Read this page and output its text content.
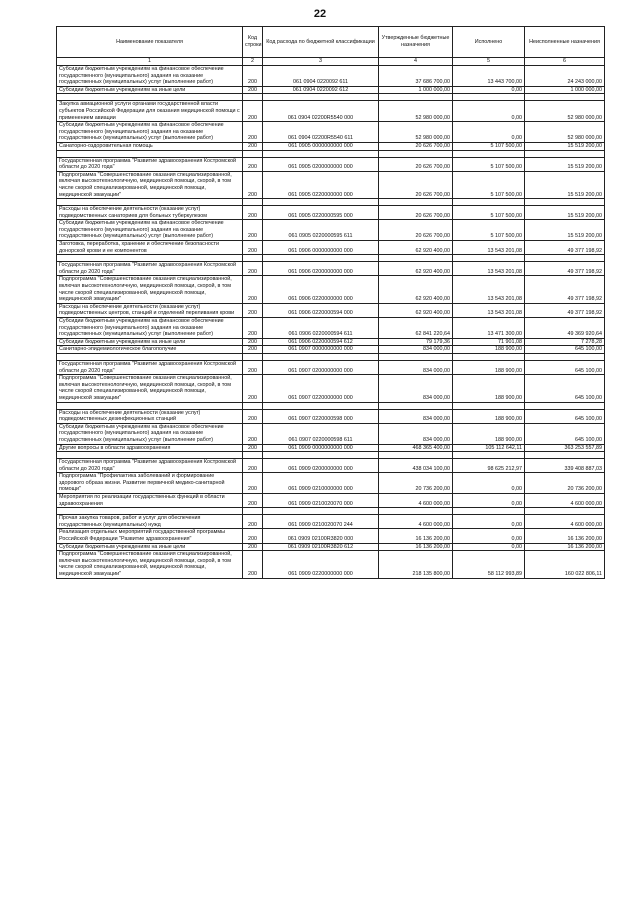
22
Наименование показателя	Код строки	Код расхода по бюджетной классификации	Утвержденные бюджетные назначения	Исполнено	Неисполненные назначения
1	2	3	4	5	6
Субсидии бюджетным учреждениям на финансовое обеспечение государственного (муниципального) задания на оказание государственных (муниципальных) услуг (выполнение работ)	200	061 0904 0220092 611	37 686 700,00	13 443 700,00	24 243 000,00
Субсидии бюджетным учреждениям на иные цели	200	061 0904 0220092 612	1 000 000,00	0,00	1 000 000,00

Закупка авиационной услуги органами государственной власти субъектов Российской Федерации для оказания медицинской помощи с применением авиации	200	061 0904 02200R5540 000	52 980 000,00	0,00	52 980 000,00
Субсидии бюджетным учреждениям на финансовое обеспечение государственного (муниципального) задания на оказание государственных (муниципальных) услуг (выполнение работ)	200	061 0904 02200R5540 611	52 980 000,00	0,00	52 980 000,00
Санаторно-оздоровительная помощь	200	061 0905 0000000000 000	20 626 700,00	5 107 500,00	15 519 200,00

Государственная программа "Развитие здравоохранения Костромской области до 2020 года"	200	061 0905 0200000000 000	20 626 700,00	5 107 500,00	15 519 200,00
Подпрограмма "Совершенствование оказания специализированной, включая высокотехнологичную, медицинской помощи, скорой, в том числе скорой специализированной, медицинской помощи, медицинской эвакуации"	200	061 0905 0220000000 000	20 626 700,00	5 107 500,00	15 519 200,00

Расходы на обеспечение деятельности (оказание услуг) подведомственных санаториев для больных туберкулезом	200	061 0905 0220000595 000	20 626 700,00	5 107 500,00	15 519 200,00
Субсидии бюджетным учреждениям на финансовое обеспечение государственного (муниципального) задания на оказание государственных (муниципальных) услуг (выполнение работ)	200	061 0905 0220000595 611	20 626 700,00	5 107 500,00	15 519 200,00
Заготовка, переработка, хранение и обеспечение безопасности донорской крови и ее компонентов	200	061 0906 0000000000 000	62 920 400,00	13 543 201,08	49 377 198,92

Государственная программа "Развитие здравоохранения Костромской области до 2020 года"	200	061 0906 0200000000 000	62 920 400,00	13 543 201,08	49 377 198,92
Подпрограмма "Совершенствование оказания специализированной, включая высокотехнологичную, медицинской помощи, скорой, в том числе скорой специализированной, медицинской помощи, медицинской эвакуации"	200	061 0906 0220000000 000	62 920 400,00	13 543 201,08	49 377 198,92
Расходы на обеспечение деятельности (оказание услуг) подведомственных центров, станций и отделений переливания крови	200	061 0906 0220000594 000	62 920 400,00	13 543 201,08	49 377 198,92
Субсидии бюджетным учреждениям на финансовое обеспечение государственного (муниципального) задания на оказание государственных (муниципальных) услуг (выполнение работ)	200	061 0906 0220000594 611	62 841 220,64	13 471 300,00	49 369 920,64
Субсидии бюджетным учреждениям на иные цели	200	061 0906 0220000594 612	79 179,36	71 901,08	7 278,28
Санитарно-эпидемиологическое благополучие	200	061 0907 0000000000 000	834 000,00	188 900,00	645 100,00

Государственная программа "Развитие здравоохранения Костромской области до 2020 года"	200	061 0907 0200000000 000	834 000,00	188 900,00	645 100,00
Подпрограмма "Совершенствование оказания специализированной, включая высокотехнологичную, медицинской помощи, скорой, в том числе скорой специализированной, медицинской помощи, медицинской эвакуации"	200	061 0907 0220000000 000	834 000,00	188 900,00	645 100,00

Расходы на обеспечение деятельности (оказание услуг) подведомственных дезинфекционных станций	200	061 0907 0220000598 000	834 000,00	188 900,00	645 100,00
Субсидии бюджетным учреждениям на финансовое обеспечение государственного (муниципального) задания на оказание государственных (муниципальных) услуг (выполнение работ)	200	061 0907 0220000598 611	834 000,00	188 900,00	645 100,00
Другие вопросы в области здравоохранения	200	061 0909 0000000000 000	468 365 400,00	105 112 642,11	363 253 557,89

Государственная программа "Развитие здравоохранения Костромской области до 2020 года"	200	061 0909 0200000000 000	438 034 100,00	98 625 212,97	339 408 887,03
Подпрограмма "Профилактика заболеваний и формирование здорового образа жизни. Развитие первичной медико-санитарной помощи"	200	061 0909 0210000000 000	20 736 200,00	0,00	20 736 200,00
Мероприятия по реализации государственных функций в области здравоохранения	200	061 0909 0210020070 000	4 600 000,00	0,00	4 600 000,00

Прочая закупка товаров, работ и услуг для обеспечения государственных (муниципальных) нужд	200	061 0909 0210020070 244	4 600 000,00	0,00	4 600 000,00
Реализация отдельных мероприятий государственной программы Российской Федерации "Развитие здравоохранения"	200	061 0909 02100R3820 000	16 136 200,00	0,00	16 136 200,00
Субсидии бюджетным учреждениям на иные цели	200	061 0909 02100R3820 612	16 136 200,00	0,00	16 136 200,00
Подпрограмма "Совершенствование оказания специализированной, включая высокотехнологичную, медицинской помощи, скорой, в том числе скорой специализированной, медицинской помощи, медицинской эвакуации"	200	061 0909 0220000000 000	218 135 800,00	58 112 993,89	160 022 806,11
